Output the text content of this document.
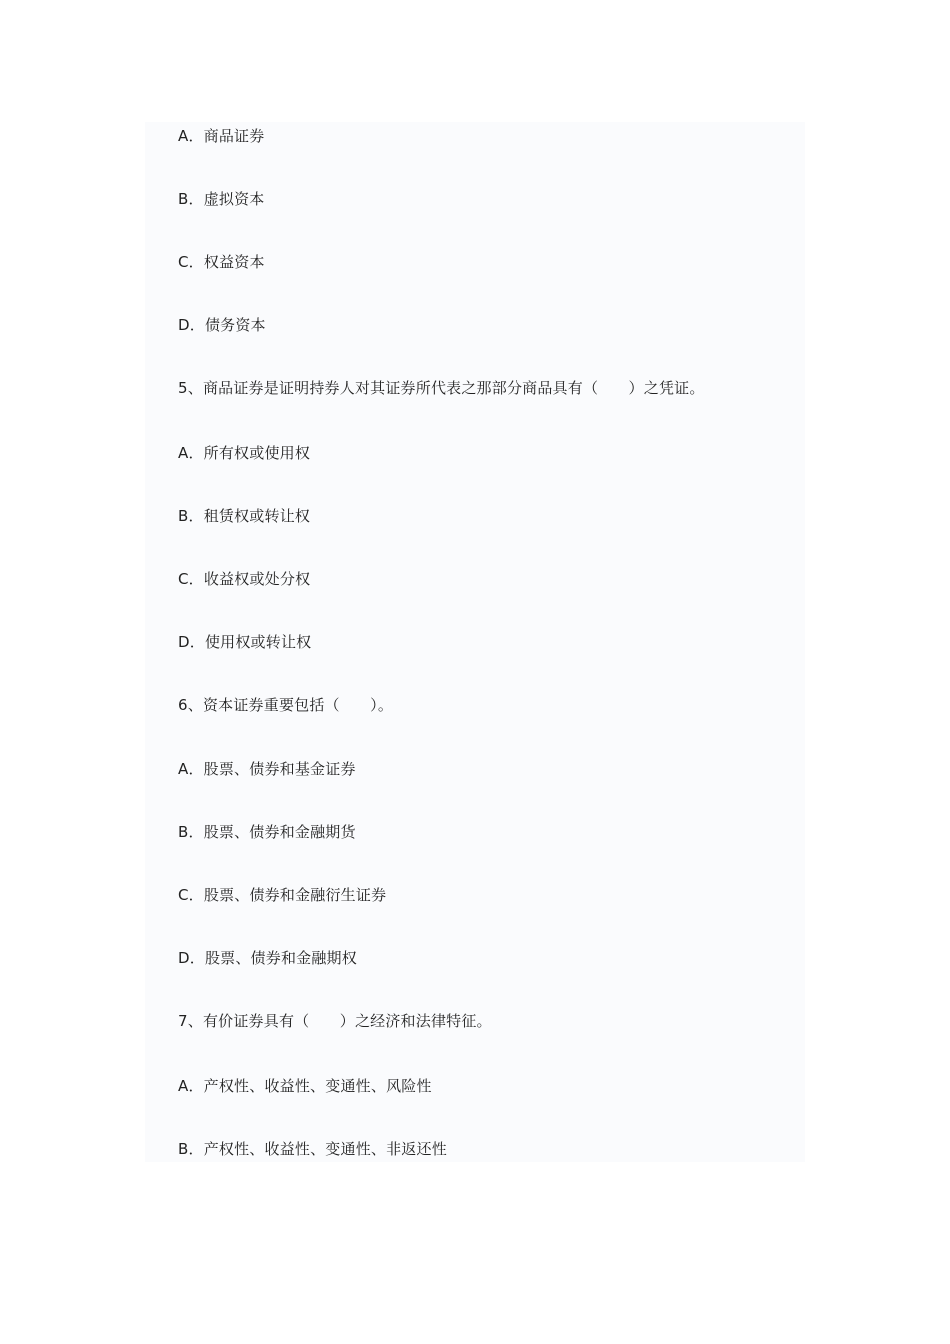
A．商品证券
B．虚拟资本
C．权益资本
D．债务资本
5、商品证券是证明持券人对其证券所代表之那部分商品具有（　　）之凭证。
A．所有权或使用权
B．租赁权或转让权
C．收益权或处分权
D．使用权或转让权
6、资本证券重要包括（　　）。
A．股票、债券和基金证券
B．股票、债券和金融期货
C．股票、债券和金融衍生证券
D．股票、债券和金融期权
7、有价证券具有（　　）之经济和法律特征。
A．产权性、收益性、变通性、风险性
B．产权性、收益性、变通性、非返还性
